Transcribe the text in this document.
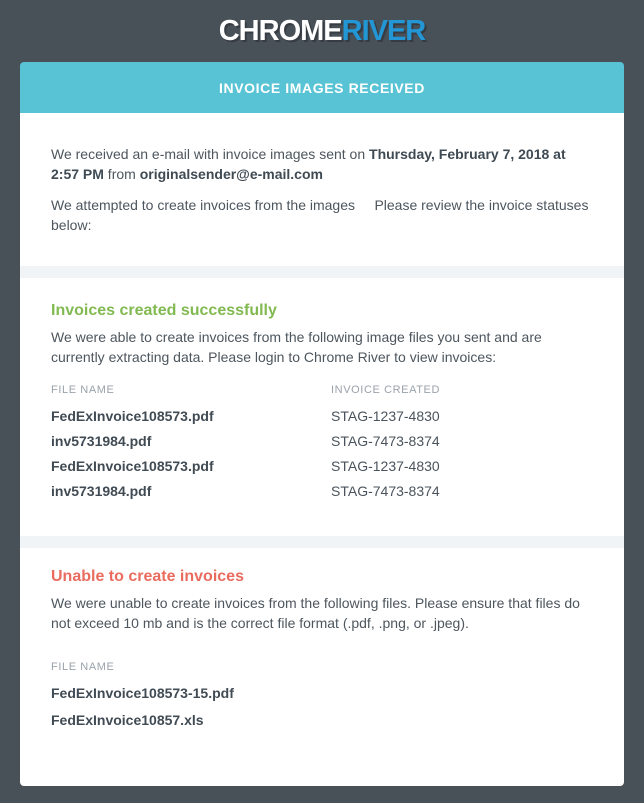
CHROMERIVER
INVOICE IMAGES RECEIVED

We received an e-mail with invoice images sent on Thursday, February 7, 2018 at 2:57 PM from originalsender@e-mail.com

We attempted to create invoices from the images     Please review the invoice statuses below:

Invoices created successfully

We were able to create invoices from the following image files you sent and are currently extracting data. Please login to Chrome River to view invoices:

FILE NAME	INVOICE CREATED
FedExInvoice108573.pdf	STAG-1237-4830
inv5731984.pdf	STAG-7473-8374
FedExInvoice108573.pdf	STAG-1237-4830
inv5731984.pdf	STAG-7473-8374
Unable to create invoices

We were unable to create invoices from the following files. Please ensure that files do not exceed 10 mb and is the correct file format (.pdf, .png, or .jpeg).

FILE NAME
FedExInvoice108573-15.pdf
FedExInvoice10857.xls
